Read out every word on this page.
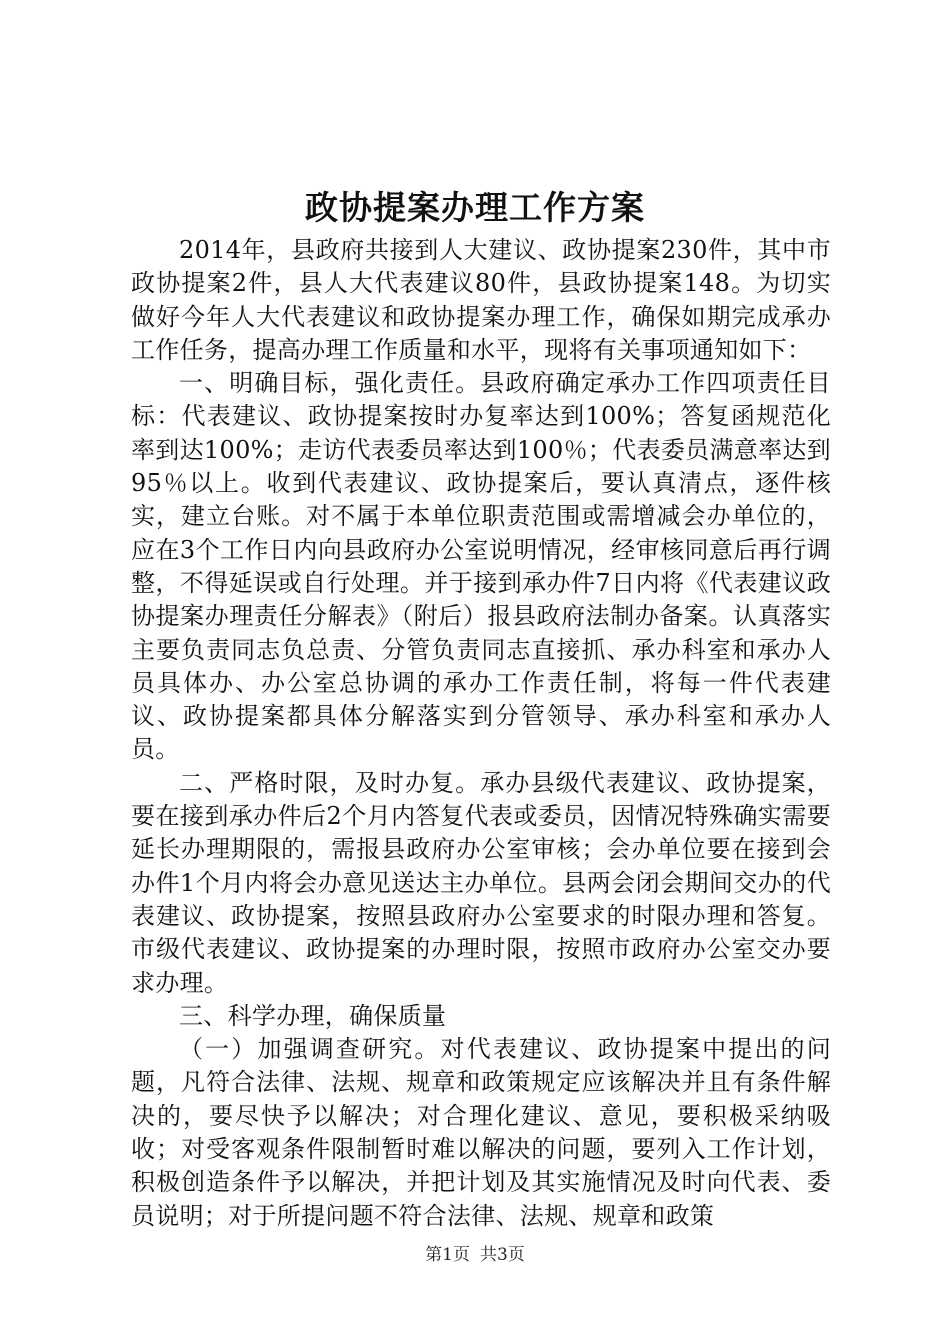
政协提案办理工作方案

2014年，县政府共接到人大建议、政协提案230件，其中市政协提案2件，县人大代表建议80件，县政协提案148。为切实做好今年人大代表建议和政协提案办理工作，确保如期完成承办工作任务，提高办理工作质量和水平，现将有关事项通知如下：

一、明确目标，强化责任。县政府确定承办工作四项责任目标：代表建议、政协提案按时办复率达到100%；答复函规范化率到达100%；走访代表委员率达到100％；代表委员满意率达到95％以上。收到代表建议、政协提案后，要认真清点，逐件核实，建立台账。对不属于本单位职责范围或需增减会办单位的，应在3个工作日内向县政府办公室说明情况，经审核同意后再行调整，不得延误或自行处理。并于接到承办件7日内将《代表建议政协提案办理责任分解表》（附后）报县政府法制办备案。认真落实主要负责同志负总责、分管负责同志直接抓、承办科室和承办人员具体办、办公室总协调的承办工作责任制，将每一件代表建议、政协提案都具体分解落实到分管领导、承办科室和承办人员。

二、严格时限，及时办复。承办县级代表建议、政协提案，要在接到承办件后2个月内答复代表或委员，因情况特殊确实需要延长办理期限的，需报县政府办公室审核；会办单位要在接到会办件1个月内将会办意见送达主办单位。县两会闭会期间交办的代表建议、政协提案，按照县政府办公室要求的时限办理和答复。市级代表建议、政协提案的办理时限，按照市政府办公室交办要求办理。

三、科学办理，确保质量

（一）加强调查研究。对代表建议、政协提案中提出的问题，凡符合法律、法规、规章和政策规定应该解决并且有条件解决的，要尽快予以解决；对合理化建议、意见，要积极采纳吸收；对受客观条件限制暂时难以解决的问题，要列入工作计划，积极创造条件予以解决，并把计划及其实施情况及时向代表、委员说明；对于所提问题不符合法律、法规、规章和政策

第1页 共3页
